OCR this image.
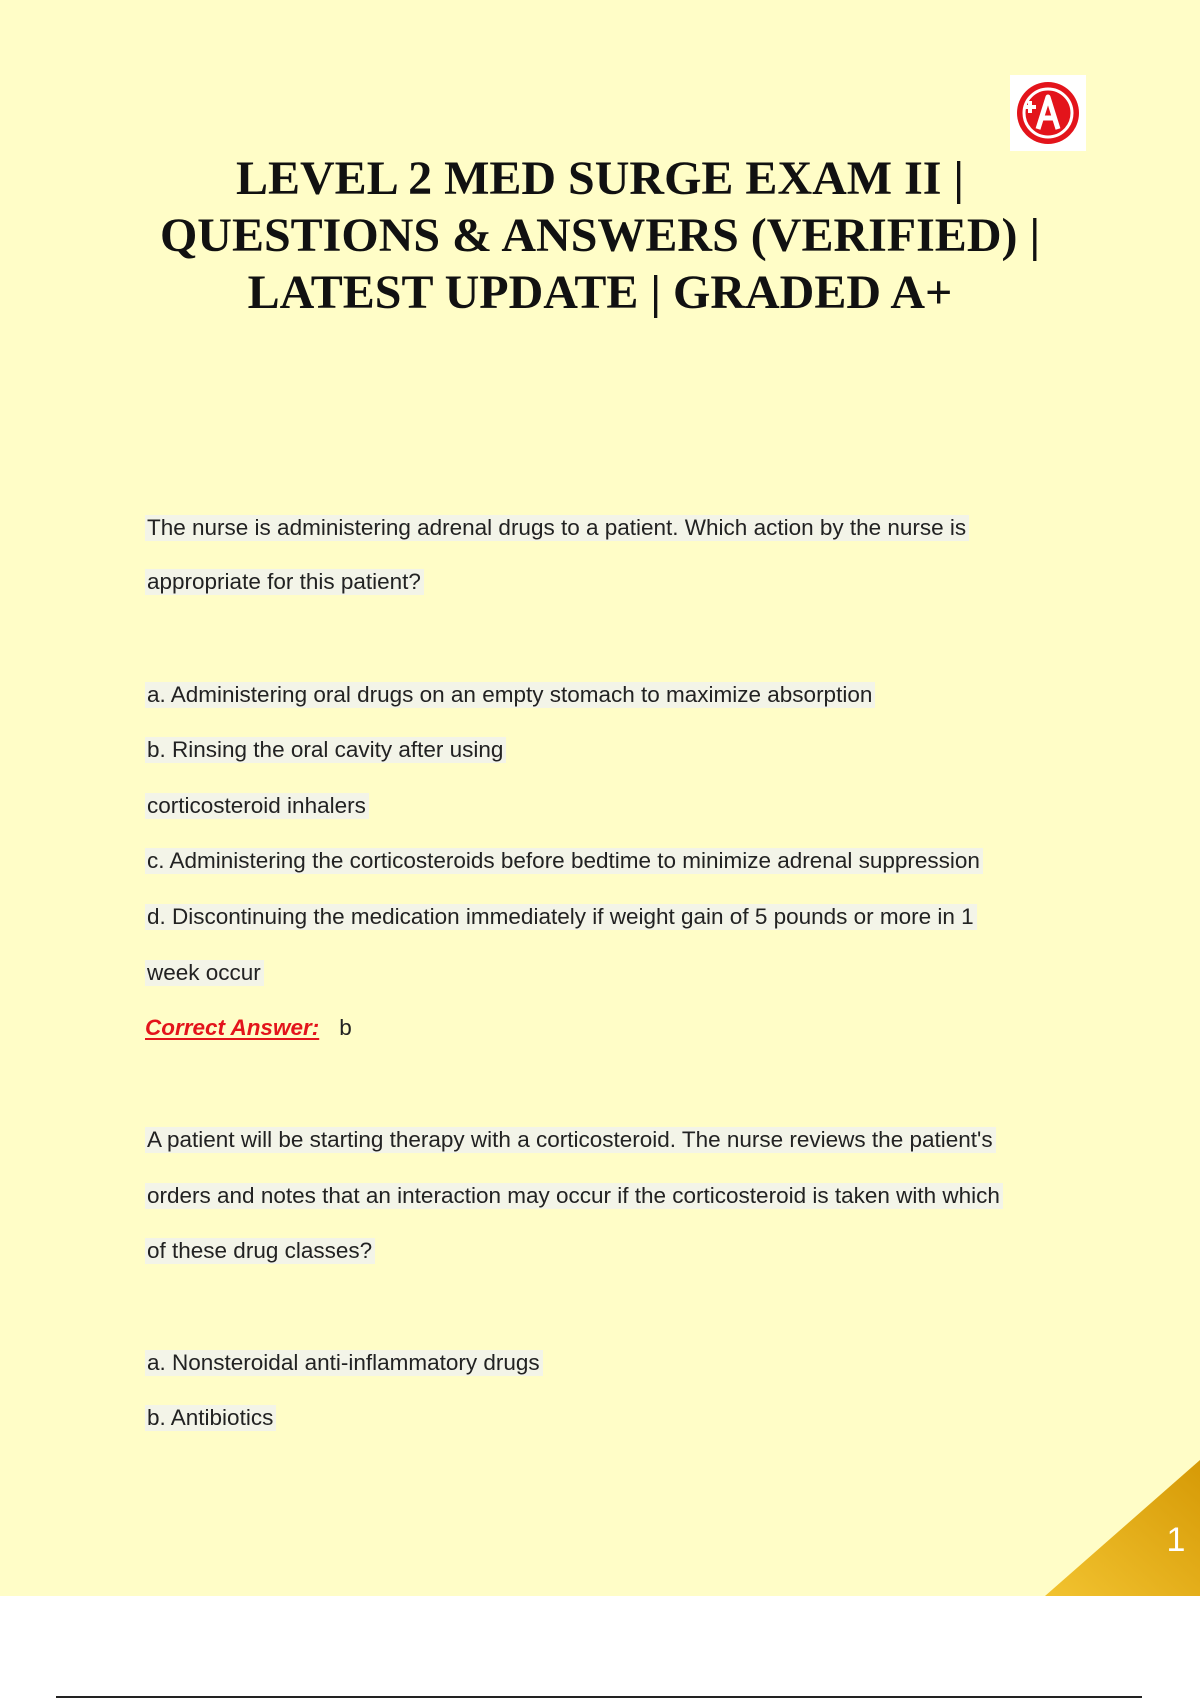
LEVEL 2 MED SURGE EXAM II |
QUESTIONS & ANSWERS (VERIFIED) |
LATEST UPDATE | GRADED A+
The nurse is administering adrenal drugs to a patient. Which action by the nurse is
appropriate for this patient?
a. Administering oral drugs on an empty stomach to maximize absorption
b. Rinsing the oral cavity after using
corticosteroid inhalers
c. Administering the corticosteroids before bedtime to minimize adrenal suppression
d. Discontinuing the medication immediately if weight gain of 5 pounds or more in 1
week occur
Correct Answer: b
A patient will be starting therapy with a corticosteroid. The nurse reviews the patient's
orders and notes that an interaction may occur if the corticosteroid is taken with which
of these drug classes?
a. Nonsteroidal anti-inflammatory drugs
b. Antibiotics
1
